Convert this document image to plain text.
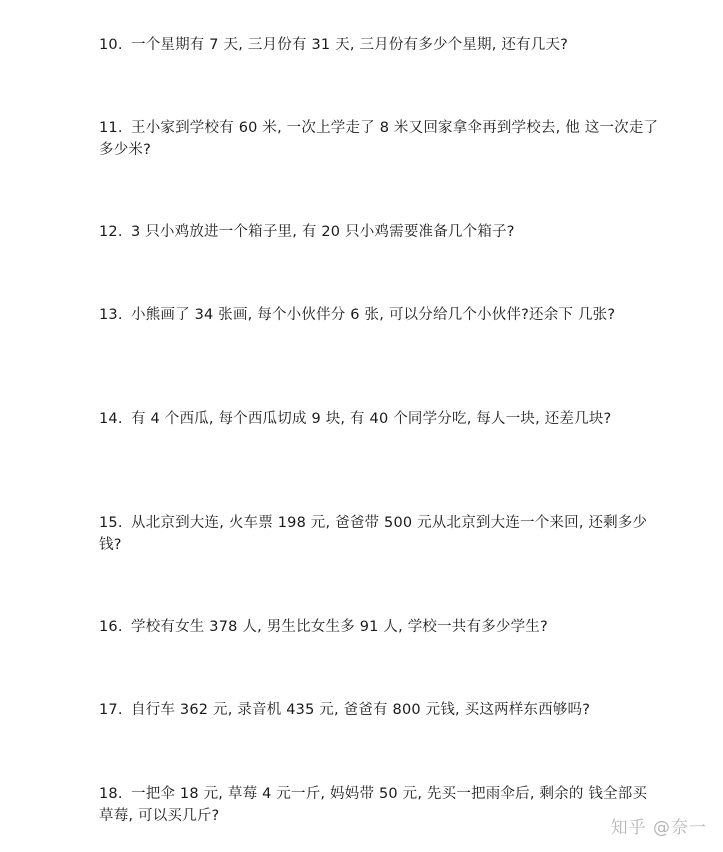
10. 一个星期有 7 天, 三月份有 31 天, 三月份有多少个星期, 还有几天?

11. 王小家到学校有 60 米, 一次上学走了 8 米又回家拿伞再到学校去, 他 这一次走了多少米?

12. 3 只小鸡放进一个箱子里, 有 20 只小鸡需要准备几个箱子?

13. 小熊画了 34 张画, 每个小伙伴分 6 张, 可以分给几个小伙伴?还余下 几张?

14. 有 4 个西瓜, 每个西瓜切成 9 块, 有 40 个同学分吃, 每人一块, 还差几块?

15. 从北京到大连, 火车票 198 元, 爸爸带 500 元从北京到大连一个来回, 还剩多少钱?

16. 学校有女生 378 人, 男生比女生多 91 人, 学校一共有多少学生?

17. 自行车 362 元, 录音机 435 元, 爸爸有 800 元钱, 买这两样东西够吗?

18. 一把伞 18 元, 草莓 4 元一斤, 妈妈带 50 元, 先买一把雨伞后, 剩余的 钱全部买草莓, 可以买几斤?

知乎 @奈一
